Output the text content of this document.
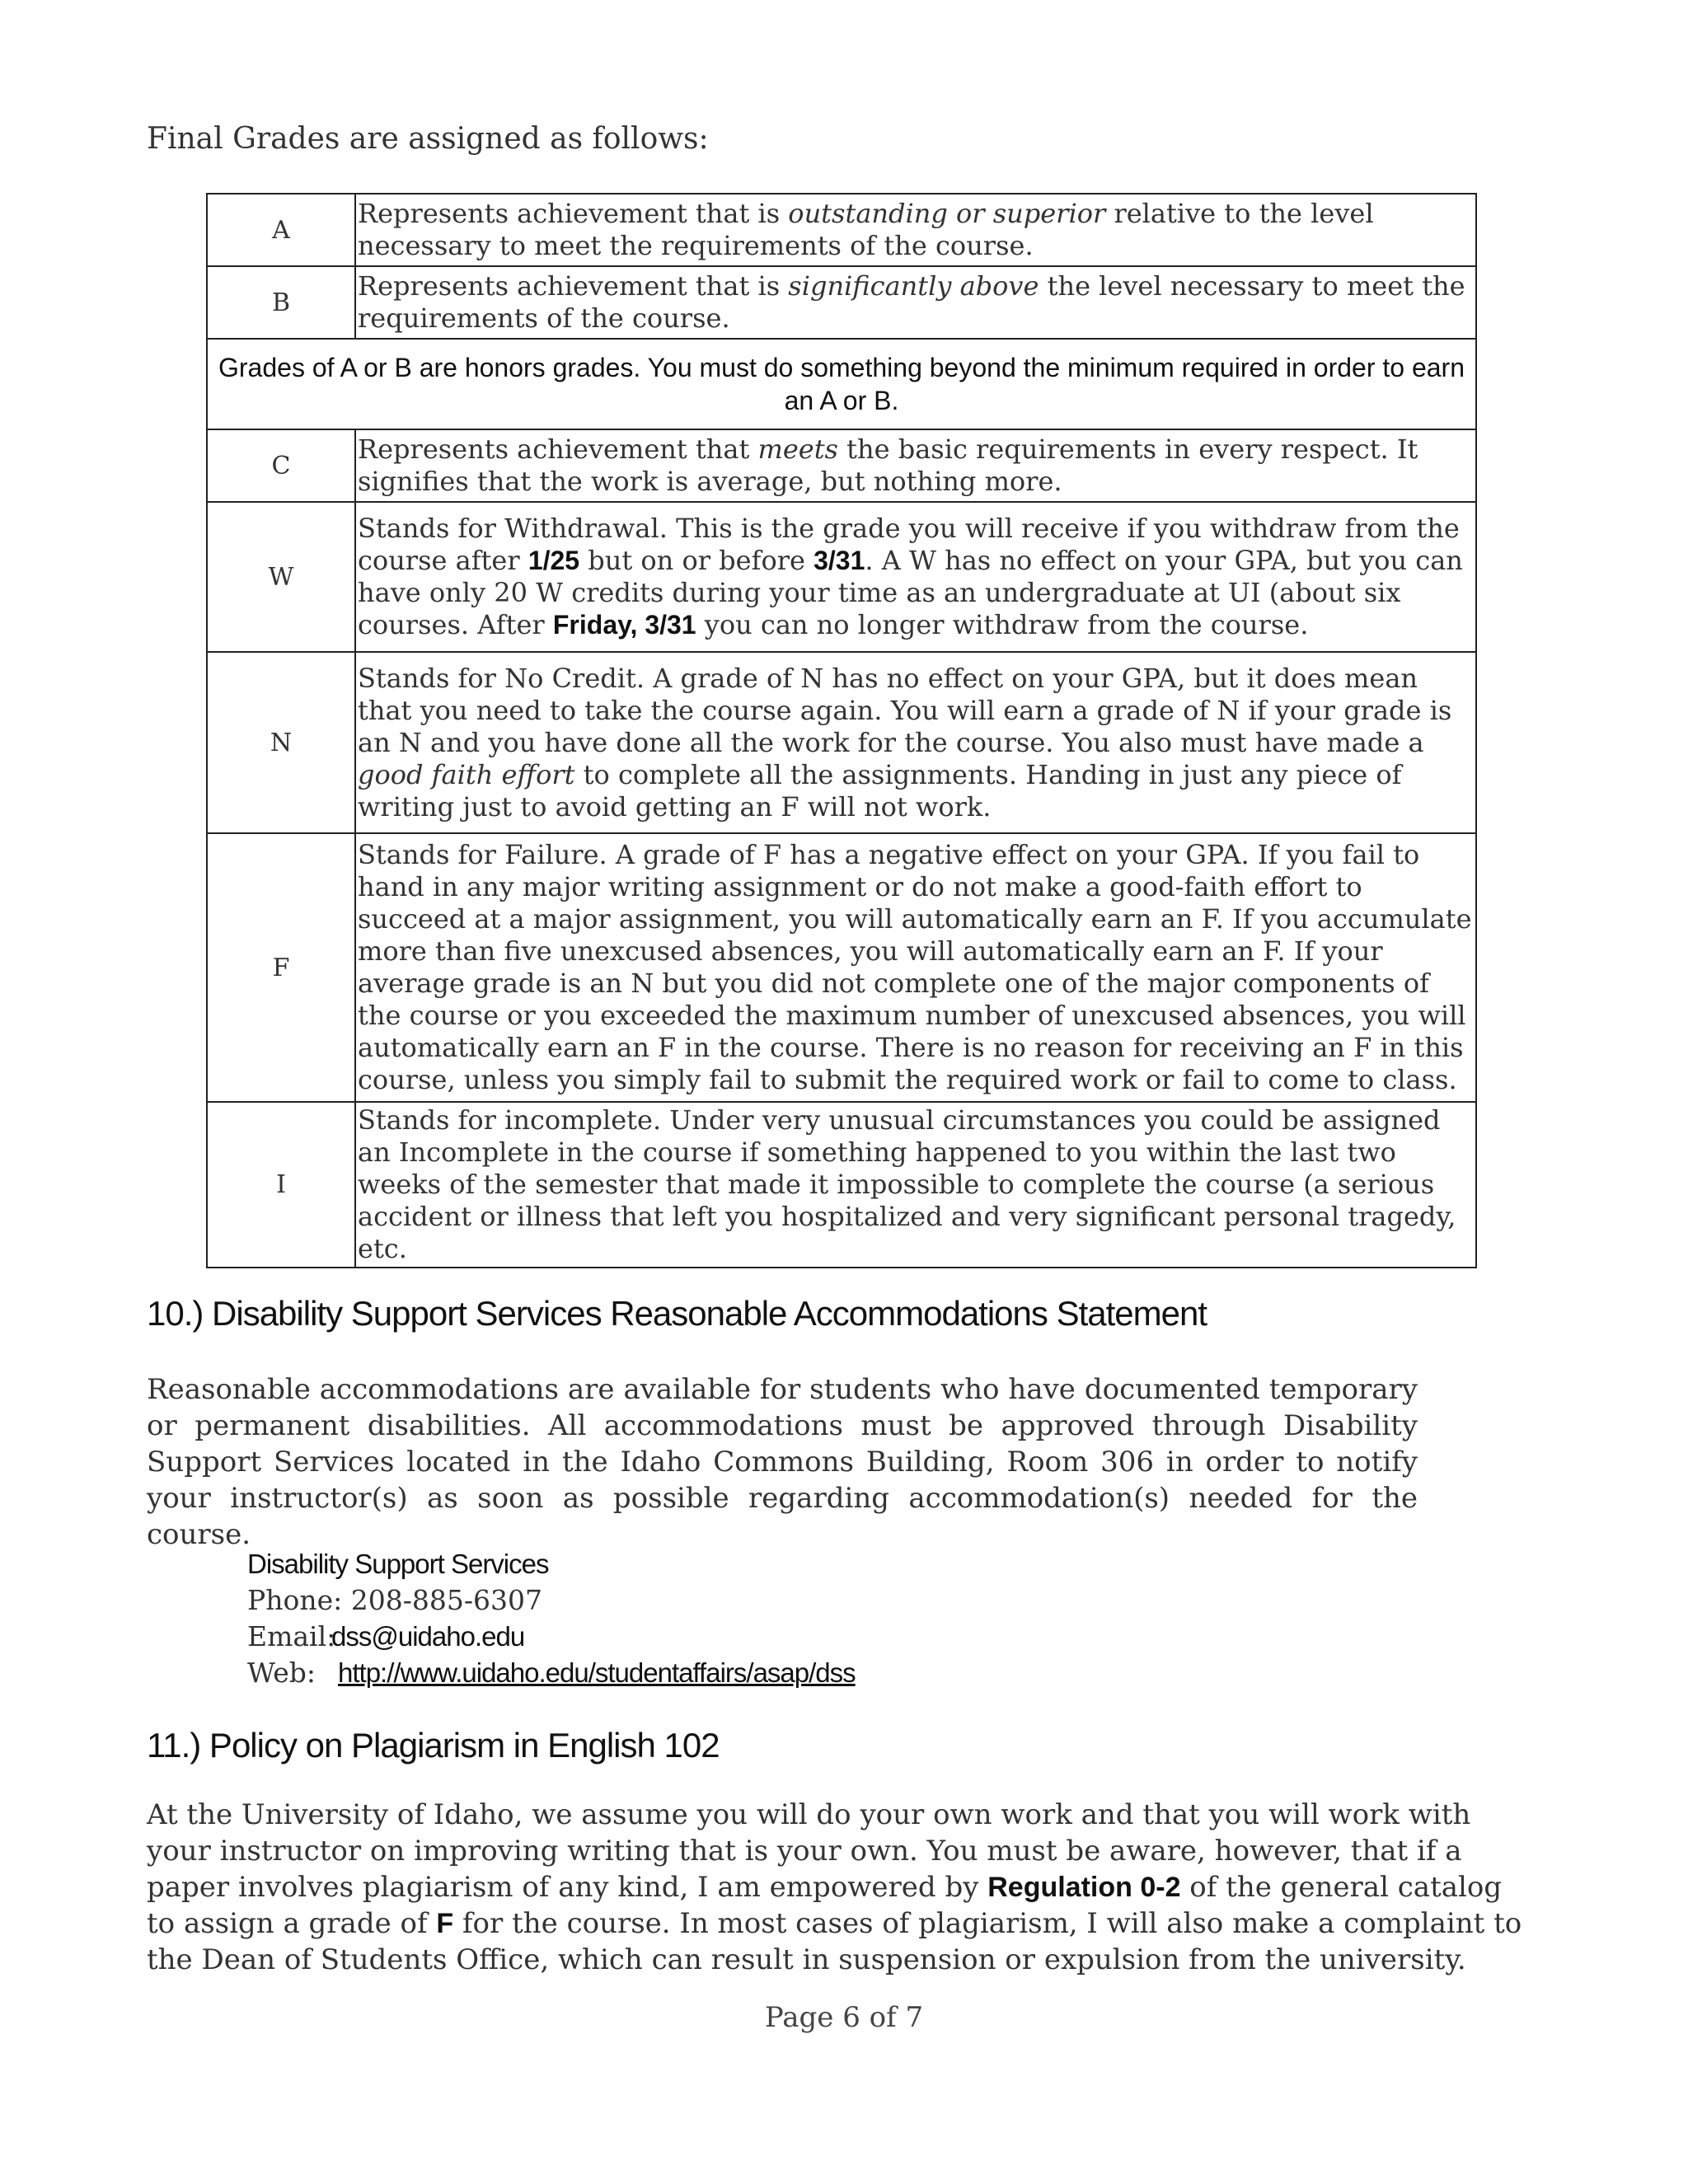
Final Grades are assigned as follows:
A	Represents achievement that is outstanding or superior relative to the level necessary to meet the requirements of the course.
B	Represents achievement that is significantly above the level necessary to meet the requirements of the course.
Grades of A or B are honors grades. You must do something beyond the minimum required in order to earn an A or B.	
C	Represents achievement that meets the basic requirements in every respect. It signifies that the work is average, but nothing more.
W	Stands for Withdrawal. This is the grade you will receive if you withdraw from the course after 1/25 but on or before 3/31. A W has no effect on your GPA, but you can have only 20 W credits during your time as an undergraduate at UI (about six courses. After Friday, 3/31 you can no longer withdraw from the course.
N	Stands for No Credit. A grade of N has no effect on your GPA, but it does mean that you need to take the course again. You will earn a grade of N if your grade is an N and you have done all the work for the course. You also must have made a good faith effort to complete all the assignments. Handing in just any piece of writing just to avoid getting an F will not work.
F	Stands for Failure. A grade of F has a negative effect on your GPA. If you fail to hand in any major writing assignment or do not make a good-faith effort to succeed at a major assignment, you will automatically earn an F. If you accumulate more than five unexcused absences, you will automatically earn an F. If your average grade is an N but you did not complete one of the major components of the course or you exceeded the maximum number of unexcused absences, you will automatically earn an F in the course. There is no reason for receiving an F in this course, unless you simply fail to submit the required work or fail to come to class.
I	Stands for incomplete. Under very unusual circumstances you could be assigned an Incomplete in the course if something happened to you within the last two weeks of the semester that made it impossible to complete the course (a serious accident or illness that left you hospitalized and very significant personal tragedy, etc.
10.) Disability Support Services Reasonable Accommodations Statement

Reasonable accommodations are available for students who have documented temporary or permanent disabilities. All accommodations must be approved through Disability Support Services located in the Idaho Commons Building, Room 306 in order to notify your instructor(s) as soon as possible regarding accommodation(s) needed for the course.

Disability Support Services
Phone: 208-885-6307
Email:dss@uidaho.edu
Web: http://www.uidaho.edu/studentaffairs/asap/dss
11.) Policy on Plagiarism in English 102

At the University of Idaho, we assume you will do your own work and that you will work with your instructor on improving writing that is your own. You must be aware, however, that if a paper involves plagiarism of any kind, I am empowered by Regulation 0-2 of the general catalog to assign a grade of F for the course. In most cases of plagiarism, I will also make a complaint to the Dean of Students Office, which can result in suspension or expulsion from the university.

Page 6 of 7
